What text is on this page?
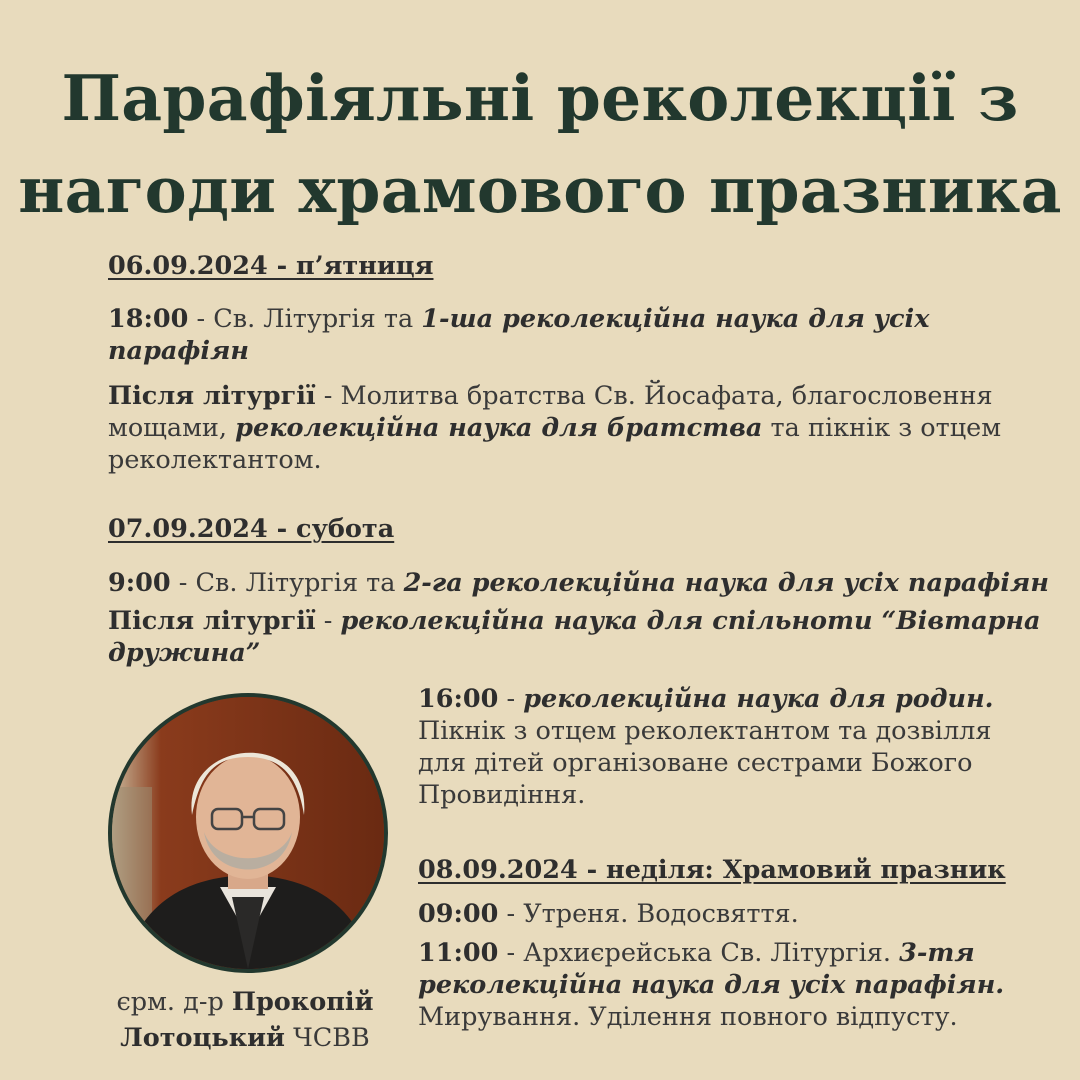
Парафіяльні реколекції з
нагоди храмового празника
06.09.2024 - п’ятниця
18:00 - Св. Літургія та 1-ша реколекційна наука для усіх парафіян
Після літургії - Молитва братства Св. Йосафата, благословення мощами, реколекційна наука для братства та пікнік з отцем реколектантом.
07.09.2024 - субота
9:00 - Св. Літургія та 2-га реколекційна наука для усіх парафіян
Після літургії - реколекційна наука для спільноти “Вівтарна дружина”
16:00 - реколекційна наука для родин. Пікнік з отцем реколектантом та дозвілля для дітей організоване сестрами Божого Провидіння.
08.09.2024 - неділя: Храмовий празник
09:00 - Утреня. Водосвяття.
11:00 - Архиєрейська Св. Літургія. 3-тя реколекційна наука для усіх парафіян. Мирування. Уділення повного відпусту.
єрм. д-р Прокопій Лотоцький ЧСВВ
